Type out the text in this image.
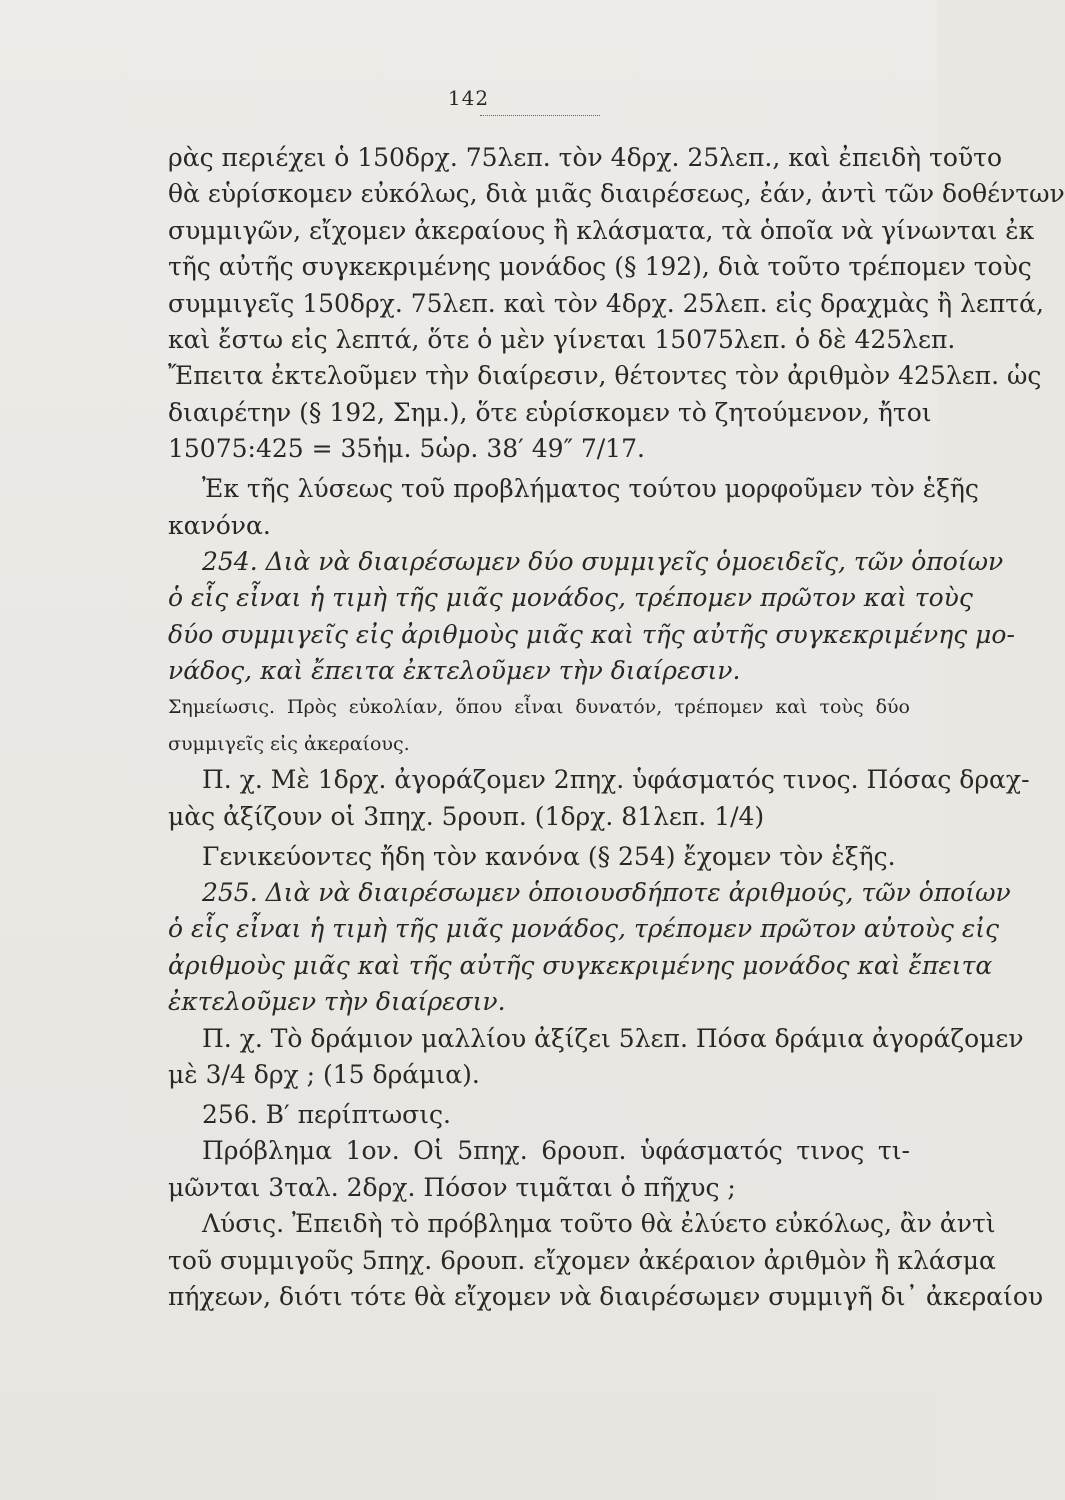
142
ρὰς περιέχει ὁ 150δρχ. 75λεπ. τὸν 4δρχ. 25λεπ., καὶ ἐπειδὴ τοῦτο
θὰ εὑρίσκομεν εὐκόλως, διὰ μιᾶς διαιρέσεως, ἐάν, ἀντὶ τῶν δοθέντων
συμμιγῶν, εἴχομεν ἀκεραίους ἢ κλάσματα, τὰ ὁποῖα νὰ γίνωνται ἐκ
τῆς αὐτῆς συγκεκριμένης μονάδος (§ 192), διὰ τοῦτο τρέπομεν τοὺς
συμμιγεῖς 150δρχ. 75λεπ. καὶ τὸν 4δρχ. 25λεπ. εἰς δραχμὰς ἢ λεπτά,
καὶ ἔστω εἰς λεπτά, ὅτε ὁ μὲν γίνεται 15075λεπ. ὁ δὲ 425λεπ.
Ἔπειτα ἐκτελοῦμεν τὴν διαίρεσιν, θέτοντες τὸν ἀριθμὸν 425λεπ. ὡς
διαιρέτην (§ 192, Σημ.), ὅτε εὑρίσκομεν τὸ ζητούμενον, ἤτοι
15075:425 = 35ἡμ. 5ὡρ. 38′ 49″ 7/17.
Ἐκ τῆς λύσεως τοῦ προβλήματος τούτου μορφοῦμεν τὸν ἑξῆς
κανόνα.
254. Διὰ νὰ διαιρέσωμεν δύο συμμιγεῖς ὁμοειδεῖς, τῶν ὁποίων
ὁ εἷς εἶναι ἡ τιμὴ τῆς μιᾶς μονάδος, τρέπομεν πρῶτον καὶ τοὺς
δύο συμμιγεῖς εἰς ἀριθμοὺς μιᾶς καὶ τῆς αὐτῆς συγκεκριμένης μο-
νάδος, καὶ ἔπειτα ἐκτελοῦμεν τὴν διαίρεσιν.
Σημείωσις. Πρὸς εὐκολίαν, ὅπου εἶναι δυνατόν, τρέπομεν καὶ τοὺς δύο
συμμιγεῖς εἰς ἀκεραίους.
Π. χ. Μὲ 1δρχ. ἀγοράζομεν 2πηχ. ὑφάσματός τινος. Πόσας δραχ-
μὰς ἀξίζουν οἱ 3πηχ. 5ρουπ. (1δρχ. 81λεπ. 1/4)
Γενικεύοντες ἤδη τὸν κανόνα (§ 254) ἔχομεν τὸν ἑξῆς.
255. Διὰ νὰ διαιρέσωμεν ὁποιουσδήποτε ἀριθμούς, τῶν ὁποίων
ὁ εἷς εἶναι ἡ τιμὴ τῆς μιᾶς μονάδος, τρέπομεν πρῶτον αὐτοὺς εἰς
ἀριθμοὺς μιᾶς καὶ τῆς αὐτῆς συγκεκριμένης μονάδος καὶ ἔπειτα
ἐκτελοῦμεν τὴν διαίρεσιν.
Π. χ. Τὸ δράμιον μαλλίου ἀξίζει 5λεπ. Πόσα δράμια ἀγοράζομεν
μὲ 3/4 δρχ ; (15 δράμια).
256. Β′ περίπτωσις.
Πρόβλημα 1ον. Οἱ 5πηχ. 6ρουπ. ὑφάσματός τινος τι-
μῶνται 3ταλ. 2δρχ. Πόσον τιμᾶται ὁ πῆχυς ;
Λύσις. Ἐπειδὴ τὸ πρόβλημα τοῦτο θὰ ἐλύετο εὐκόλως, ἂν ἀντὶ
τοῦ συμμιγοῦς 5πηχ. 6ρουπ. εἴχομεν ἀκέραιον ἀριθμὸν ἢ κλάσμα
πήχεων, διότι τότε θὰ εἴχομεν νὰ διαιρέσωμεν συμμιγῆ δι᾽ ἀκεραίου
